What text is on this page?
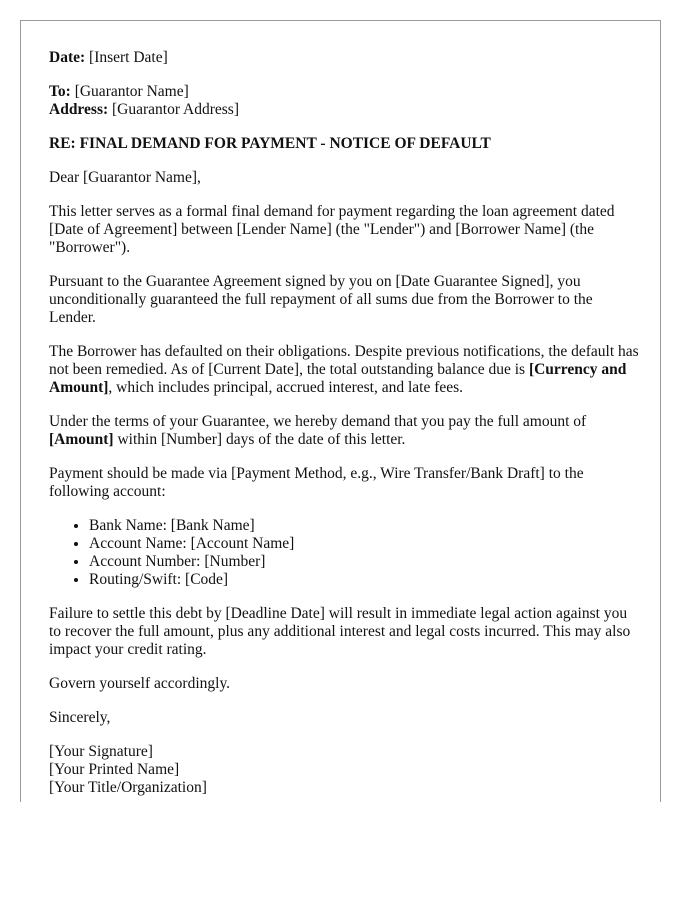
Date: [Insert Date]

To: [Guarantor Name]
Address: [Guarantor Address]

RE: FINAL DEMAND FOR PAYMENT - NOTICE OF DEFAULT

Dear [Guarantor Name],

This letter serves as a formal final demand for payment regarding the loan agreement dated [Date of Agreement] between [Lender Name] (the "Lender") and [Borrower Name] (the "Borrower").

Pursuant to the Guarantee Agreement signed by you on [Date Guarantee Signed], you unconditionally guaranteed the full repayment of all sums due from the Borrower to the Lender.

The Borrower has defaulted on their obligations. Despite previous notifications, the default has not been remedied. As of [Current Date], the total outstanding balance due is [Currency and Amount], which includes principal, accrued interest, and late fees.

Under the terms of your Guarantee, we hereby demand that you pay the full amount of [Amount] within [Number] days of the date of this letter.

Payment should be made via [Payment Method, e.g., Wire Transfer/Bank Draft] to the following account:

• Bank Name: [Bank Name]
• Account Name: [Account Name]
• Account Number: [Number]
• Routing/Swift: [Code]

Failure to settle this debt by [Deadline Date] will result in immediate legal action against you to recover the full amount, plus any additional interest and legal costs incurred. This may also impact your credit rating.

Govern yourself accordingly.

Sincerely,

[Your Signature]
[Your Printed Name]
[Your Title/Organization]
